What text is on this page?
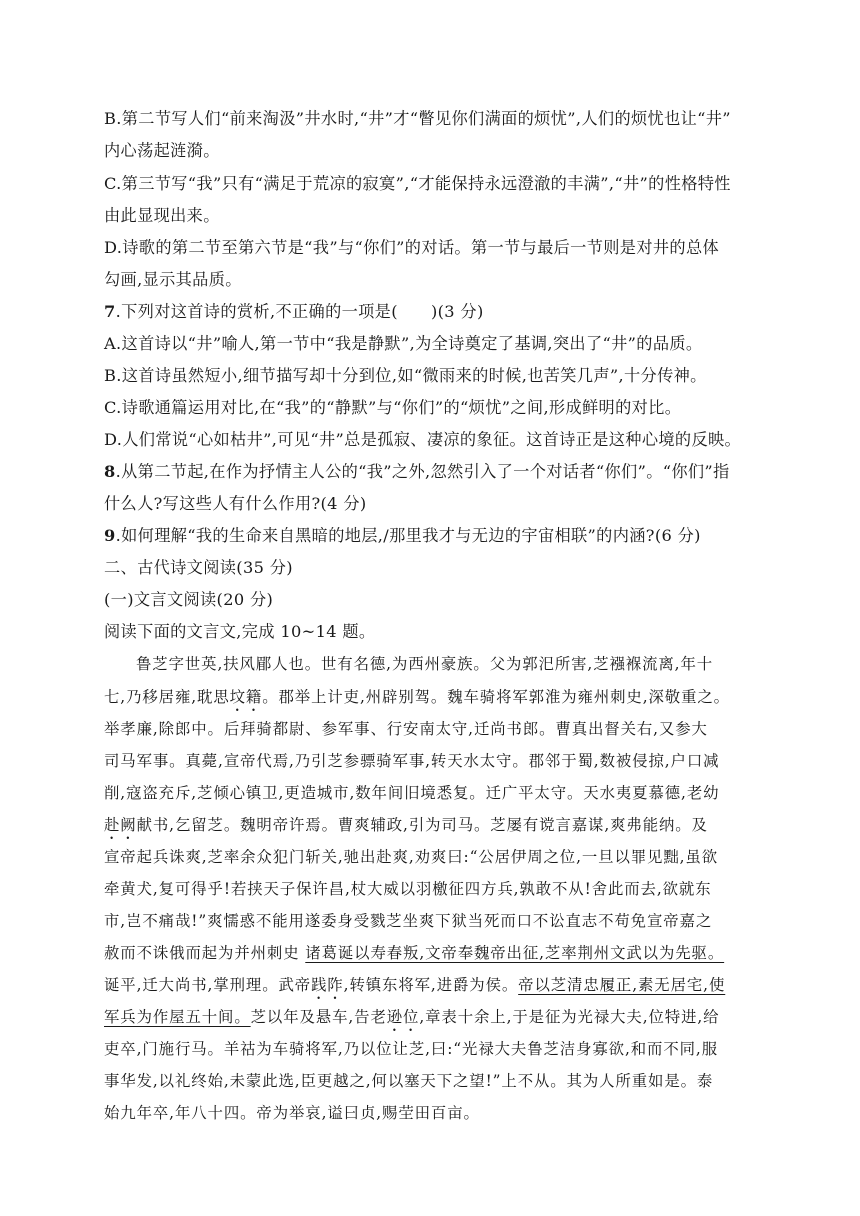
B.第二节写人们“前来淘汲”井水时,“井”才“瞥见你们满面的烦忧”,人们的烦忧也让“井”
内心荡起涟漪。
C.第三节写“我”只有“满足于荒凉的寂寞”,“才能保持永远澄澈的丰满”,“井”的性格特性
由此显现出来。
D.诗歌的第二节至第六节是“我”与“你们”的对话。第一节与最后一节则是对井的总体
勾画,显示其品质。
7.下列对这首诗的赏析,不正确的一项是(　　)(3 分)
A.这首诗以“井”喻人,第一节中“我是静默”,为全诗奠定了基调,突出了“井”的品质。
B.这首诗虽然短小,细节描写却十分到位,如“微雨来的时候,也苦笑几声”,十分传神。
C.诗歌通篇运用对比,在“我”的“静默”与“你们”的“烦忧”之间,形成鲜明的对比。
D.人们常说“心如枯井”,可见“井”总是孤寂、凄凉的象征。这首诗正是这种心境的反映。
8.从第二节起,在作为抒情主人公的“我”之外,忽然引入了一个对话者“你们”。“你们”指
什么人?写这些人有什么作用?(4 分)
9.如何理解“我的生命来自黑暗的地层,/那里我才与无边的宇宙相联”的内涵?(6 分)
二、古代诗文阅读(35 分)
(一)文言文阅读(20 分)
阅读下面的文言文,完成 10~14 题。
鲁芝字世英,扶风郿人也。世有名德,为西州豪族。父为郭汜所害,芝襁褓流离,年十
七,乃移居雍,耽思坟籍。郡举上计吏,州辟别驾。魏车骑将军郭淮为雍州刺史,深敬重之。
举孝廉,除郎中。后拜骑都尉、参军事、行安南太守,迁尚书郎。曹真出督关右,又参大
司马军事。真薨,宣帝代焉,乃引芝参骠骑军事,转天水太守。郡邻于蜀,数被侵掠,户口减
削,寇盗充斥,芝倾心镇卫,更造城市,数年间旧境悉复。迁广平太守。天水夷夏慕德,老幼
赴阙献书,乞留芝。魏明帝许焉。曹爽辅政,引为司马。芝屡有谠言嘉谋,爽弗能纳。及
宣帝起兵诛爽,芝率余众犯门斩关,驰出赴爽,劝爽曰:“公居伊周之位,一旦以罪见黜,虽欲
牵黄犬,复可得乎!若挟天子保许昌,杖大威以羽檄征四方兵,孰敢不从!舍此而去,欲就东
市,岂不痛哉!”爽懦惑不能用遂委身受戮芝坐爽下狱当死而口不讼直志不苟免宣帝嘉之
赦而不诛俄而起为并州刺史 诸葛诞以寿春叛,文帝奉魏帝出征,芝率荆州文武以为先驱。
诞平,迁大尚书,掌刑理。武帝践阼,转镇东将军,进爵为侯。帝以芝清忠履正,素无居宅,使
军兵为作屋五十间。芝以年及悬车,告老逊位,章表十余上,于是征为光禄大夫,位特进,给
吏卒,门施行马。羊祜为车骑将军,乃以位让芝,曰:“光禄大夫鲁芝洁身寡欲,和而不同,服
事华发,以礼终始,未蒙此选,臣更越之,何以塞天下之望!”上不从。其为人所重如是。泰
始九年卒,年八十四。帝为举哀,谥曰贞,赐茔田百亩。
